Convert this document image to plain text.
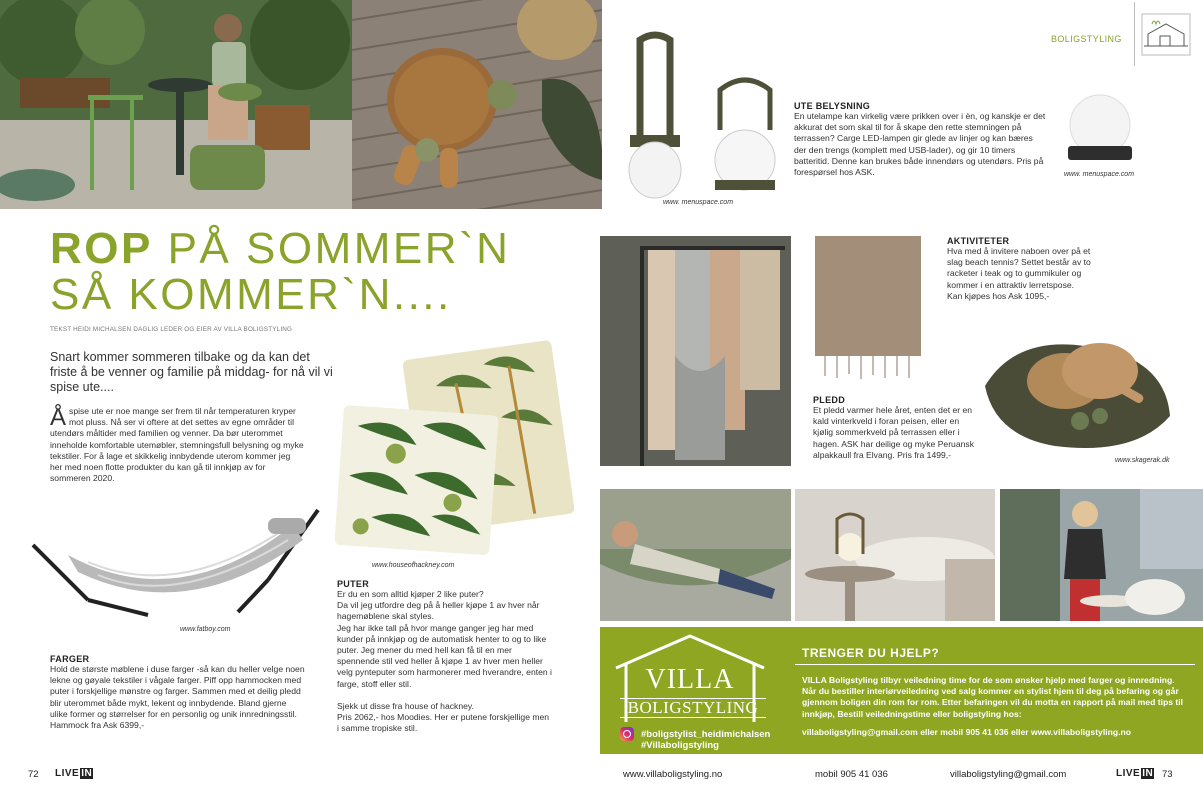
ROP PÅ SOMMER`N
SÅ KOMMER`N....
TEKST HEIDI MICHALSEN DAGLIG LEDER OG EIER AV VILLA BOLIGSTYLING
Snart kommer sommeren tilbake og da kan det friste å be venner og familie på middag- for nå vil vi spise ute....
Å spise ute er noe mange ser frem til når temperaturen kryper mot pluss. Nå ser vi oftere at det settes av egne områder til utendørs måltider med familien og venner. Da bør uterommet inneholde komfortable utemøbler, stemningsfull belysning og myke tekstiler. For å lage et skikkelig innbydende uterom kommer jeg her med noen flotte produkter du kan gå til innkjøp av for sommeren 2020.
www.fatboy.com
www.houseofhackney.com
FARGER
Hold de største møblene i duse farger -så kan du heller velge noen lekne og gøyale tekstiler i vågale farger. Piff opp hammocken med puter i forskjellige mønstre og farger. Sammen med et deilig pledd blir uterommet både mykt, lekent og innbydende. Bland gjerne ulike former og størrelser for en personlig og unik innredningsstil.
Hammock fra Ask 6399,-
PUTER
Er du en som alltid kjøper 2 like puter?
Da vil jeg utfordre deg på å heller kjøpe 1 av hver når hagemøblene skal styles.
Jeg har ikke tall på hvor mange ganger jeg har med kunder på innkjøp og de automatisk henter to og to like puter. Jeg mener du med hell kan få til en mer spennende stil ved heller å kjøpe 1 av hver men heller velg pynteputer som harmonerer med hverandre, enten i farge, stoff eller stil.
Sjekk ut disse fra house of hackney.
Pris 2062,- hos Moodies. Her er putene forskjellige men i samme tropiske stil.
72 LIVE IN
BOLIGSTYLING
www. menuspace.com
UTE BELYSNING
En utelampe kan virkelig være prikken over i èn, og kanskje er det akkurat det som skal til for å skape den rette stemningen på terrassen? Carge LED-lampen gir glede av linjer og kan bæres der den trengs (komplett med USB-lader), og gir 10 timers batteritid. Denne kan brukes både innendørs og utendørs. Pris på forespørsel hos ASK.	www. menuspace.com
AKTIVITETER
Hva med å invitere naboen over på et slag beach tennis? Settet består av to racketer i teak og to gummikuler og kommer i en attraktiv lerretspose.
Kan kjøpes hos Ask 1095,-
www.skagerak.dk
PLEDD
Et pledd varmer hele året, enten det er en kald vinterkveld i foran peisen, eller en kjølig sommerkveld på terrassen eller i hagen. ASK har deilige og myke Peruansk alpakkaull fra Elvang. Pris fra 1499,-
VILLA
BOLIGSTYLING
#boligstylist_heidimichalsen
#Villaboligstyling
TRENGER DU HJELP?
VILLA Boligstyling tilbyr veiledning time for de som ønsker hjelp med farger og innredning. Når du bestiller interiørveiledning ved salg kommer en stylist hjem til deg på befaring og går gjennom boligen din rom for rom. Etter befaringen vil du motta en rapport på mail med tips til innkjøp, Bestill veiledningstime eller boligstyling hos:
villaboligstyling@gmail.com eller mobil 905 41 036 eller www.villaboligstyling.no
www.villaboligstyling.no	mobil 905 41 036	villaboligstyling@gmail.com	LIVE IN 73
